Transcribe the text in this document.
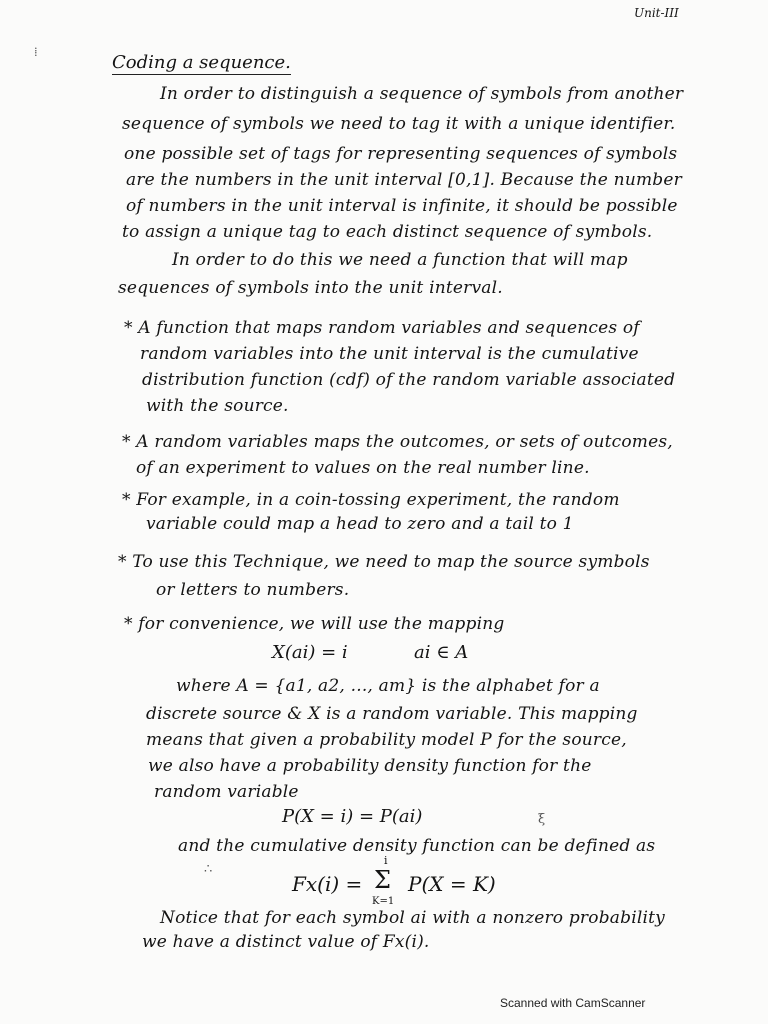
Unit-III
⁞	Coding a sequence.
In order to distinguish a sequence of symbols from another
sequence of symbols we need to tag it with a unique identifier.
one possible set of tags for representing sequences of symbols
are the numbers in the unit interval [0,1]. Because the number
of numbers in the unit interval is infinite, it should be possible
to assign a unique tag to each distinct sequence of symbols.
In order to do this we need a function that will map
sequences of symbols into the unit interval.
* A function that maps random variables and sequences of
random variables into the unit interval is the cumulative
distribution function (cdf) of the random variable associated
with the source.
* A random variables maps the outcomes, or sets of outcomes,
of an experiment to values on the real number line.
* For example, in a coin-tossing experiment, the random
variable could map a head to zero and a tail to 1
* To use this Technique, we need to map the source symbols
or letters to numbers.
* for convenience, we will use the mapping
X(ai) = i	ai ∈ A
where A = {a1, a2, ..., am} is the alphabet for a
discrete source & X is a random variable. This mapping
means that given a probability model P for the source,
we also have a probability density function for the
random variable
P(X = i) = P(ai)
and the cumulative density function can be defined as
ξ
∴
Fx(i) =
i
Σ
K=1
P(X = K)
Notice that for each symbol ai with a nonzero probability
we have a distinct value of Fx(i).
Scanned with CamScanner
